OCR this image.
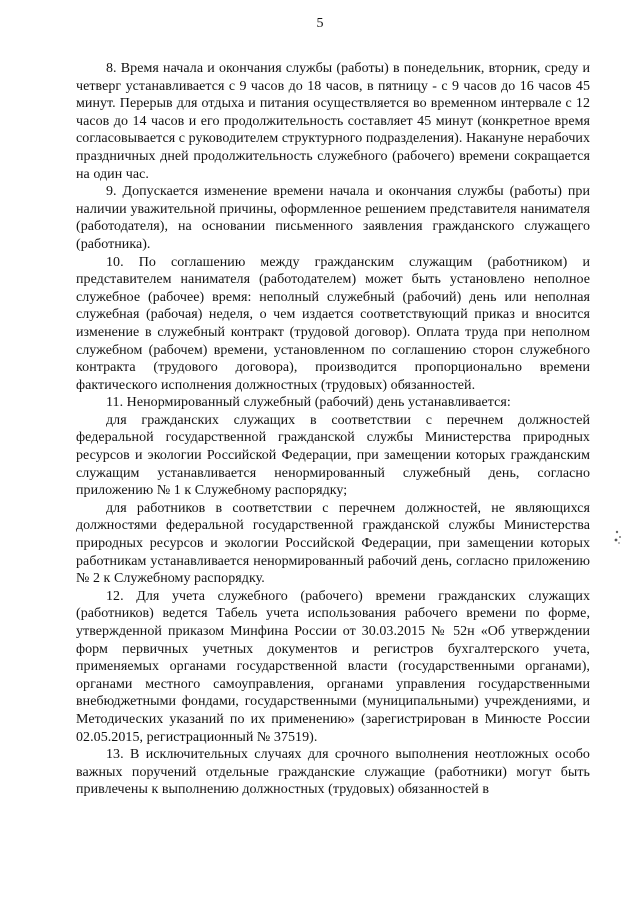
5

8. Время начала и окончания службы (работы) в понедельник, вторник, среду и четверг устанавливается с 9 часов до 18 часов, в пятницу - с 9 часов до 16 часов 45 минут. Перерыв для отдыха и питания осуществляется во временном интервале с 12 часов до 14 часов и его продолжительность составляет 45 минут (конкретное время согласовывается с руководителем структурного подразделения). Накануне нерабочих праздничных дней продолжительность служебного (рабочего) времени сокращается на один час.

9. Допускается изменение времени начала и окончания службы (работы) при наличии уважительной причины, оформленное решением представителя нанимателя (работодателя), на основании письменного заявления гражданского служащего (работника).

10. По соглашению между гражданским служащим (работником) и представителем нанимателя (работодателем) может быть установлено неполное служебное (рабочее) время: неполный служебный (рабочий) день или неполная служебная (рабочая) неделя, о чем издается соответствующий приказ и вносится изменение в служебный контракт (трудовой договор). Оплата труда при неполном служебном (рабочем) времени, установленном по соглашению сторон служебного контракта (трудового договора), производится пропорционально времени фактического исполнения должностных (трудовых) обязанностей.

11. Ненормированный служебный (рабочий) день устанавливается:

для гражданских служащих в соответствии с перечнем должностей федеральной государственной гражданской службы Министерства природных ресурсов и экологии Российской Федерации, при замещении которых гражданским служащим устанавливается ненормированный служебный день, согласно приложению № 1 к Служебному распорядку;

для работников в соответствии с перечнем должностей, не являющихся должностями федеральной государственной гражданской службы Министерства природных ресурсов и экологии Российской Федерации, при замещении которых работникам устанавливается ненормированный рабочий день, согласно приложению № 2 к Служебному распорядку.

12. Для учета служебного (рабочего) времени гражданских служащих (работников) ведется Табель учета использования рабочего времени по форме, утвержденной приказом Минфина России от 30.03.2015 № 52н «Об утверждении форм первичных учетных документов и регистров бухгалтерского учета, применяемых органами государственной власти (государственными органами), органами местного самоуправления, органами управления государственными внебюджетными фондами, государственными (муниципальными) учреждениями, и Методических указаний по их применению» (зарегистрирован в Минюсте России 02.05.2015, регистрационный № 37519).

13. В исключительных случаях для срочного выполнения неотложных особо важных поручений отдельные гражданские служащие (работники) могут быть привлечены к выполнению должностных (трудовых) обязанностей в
